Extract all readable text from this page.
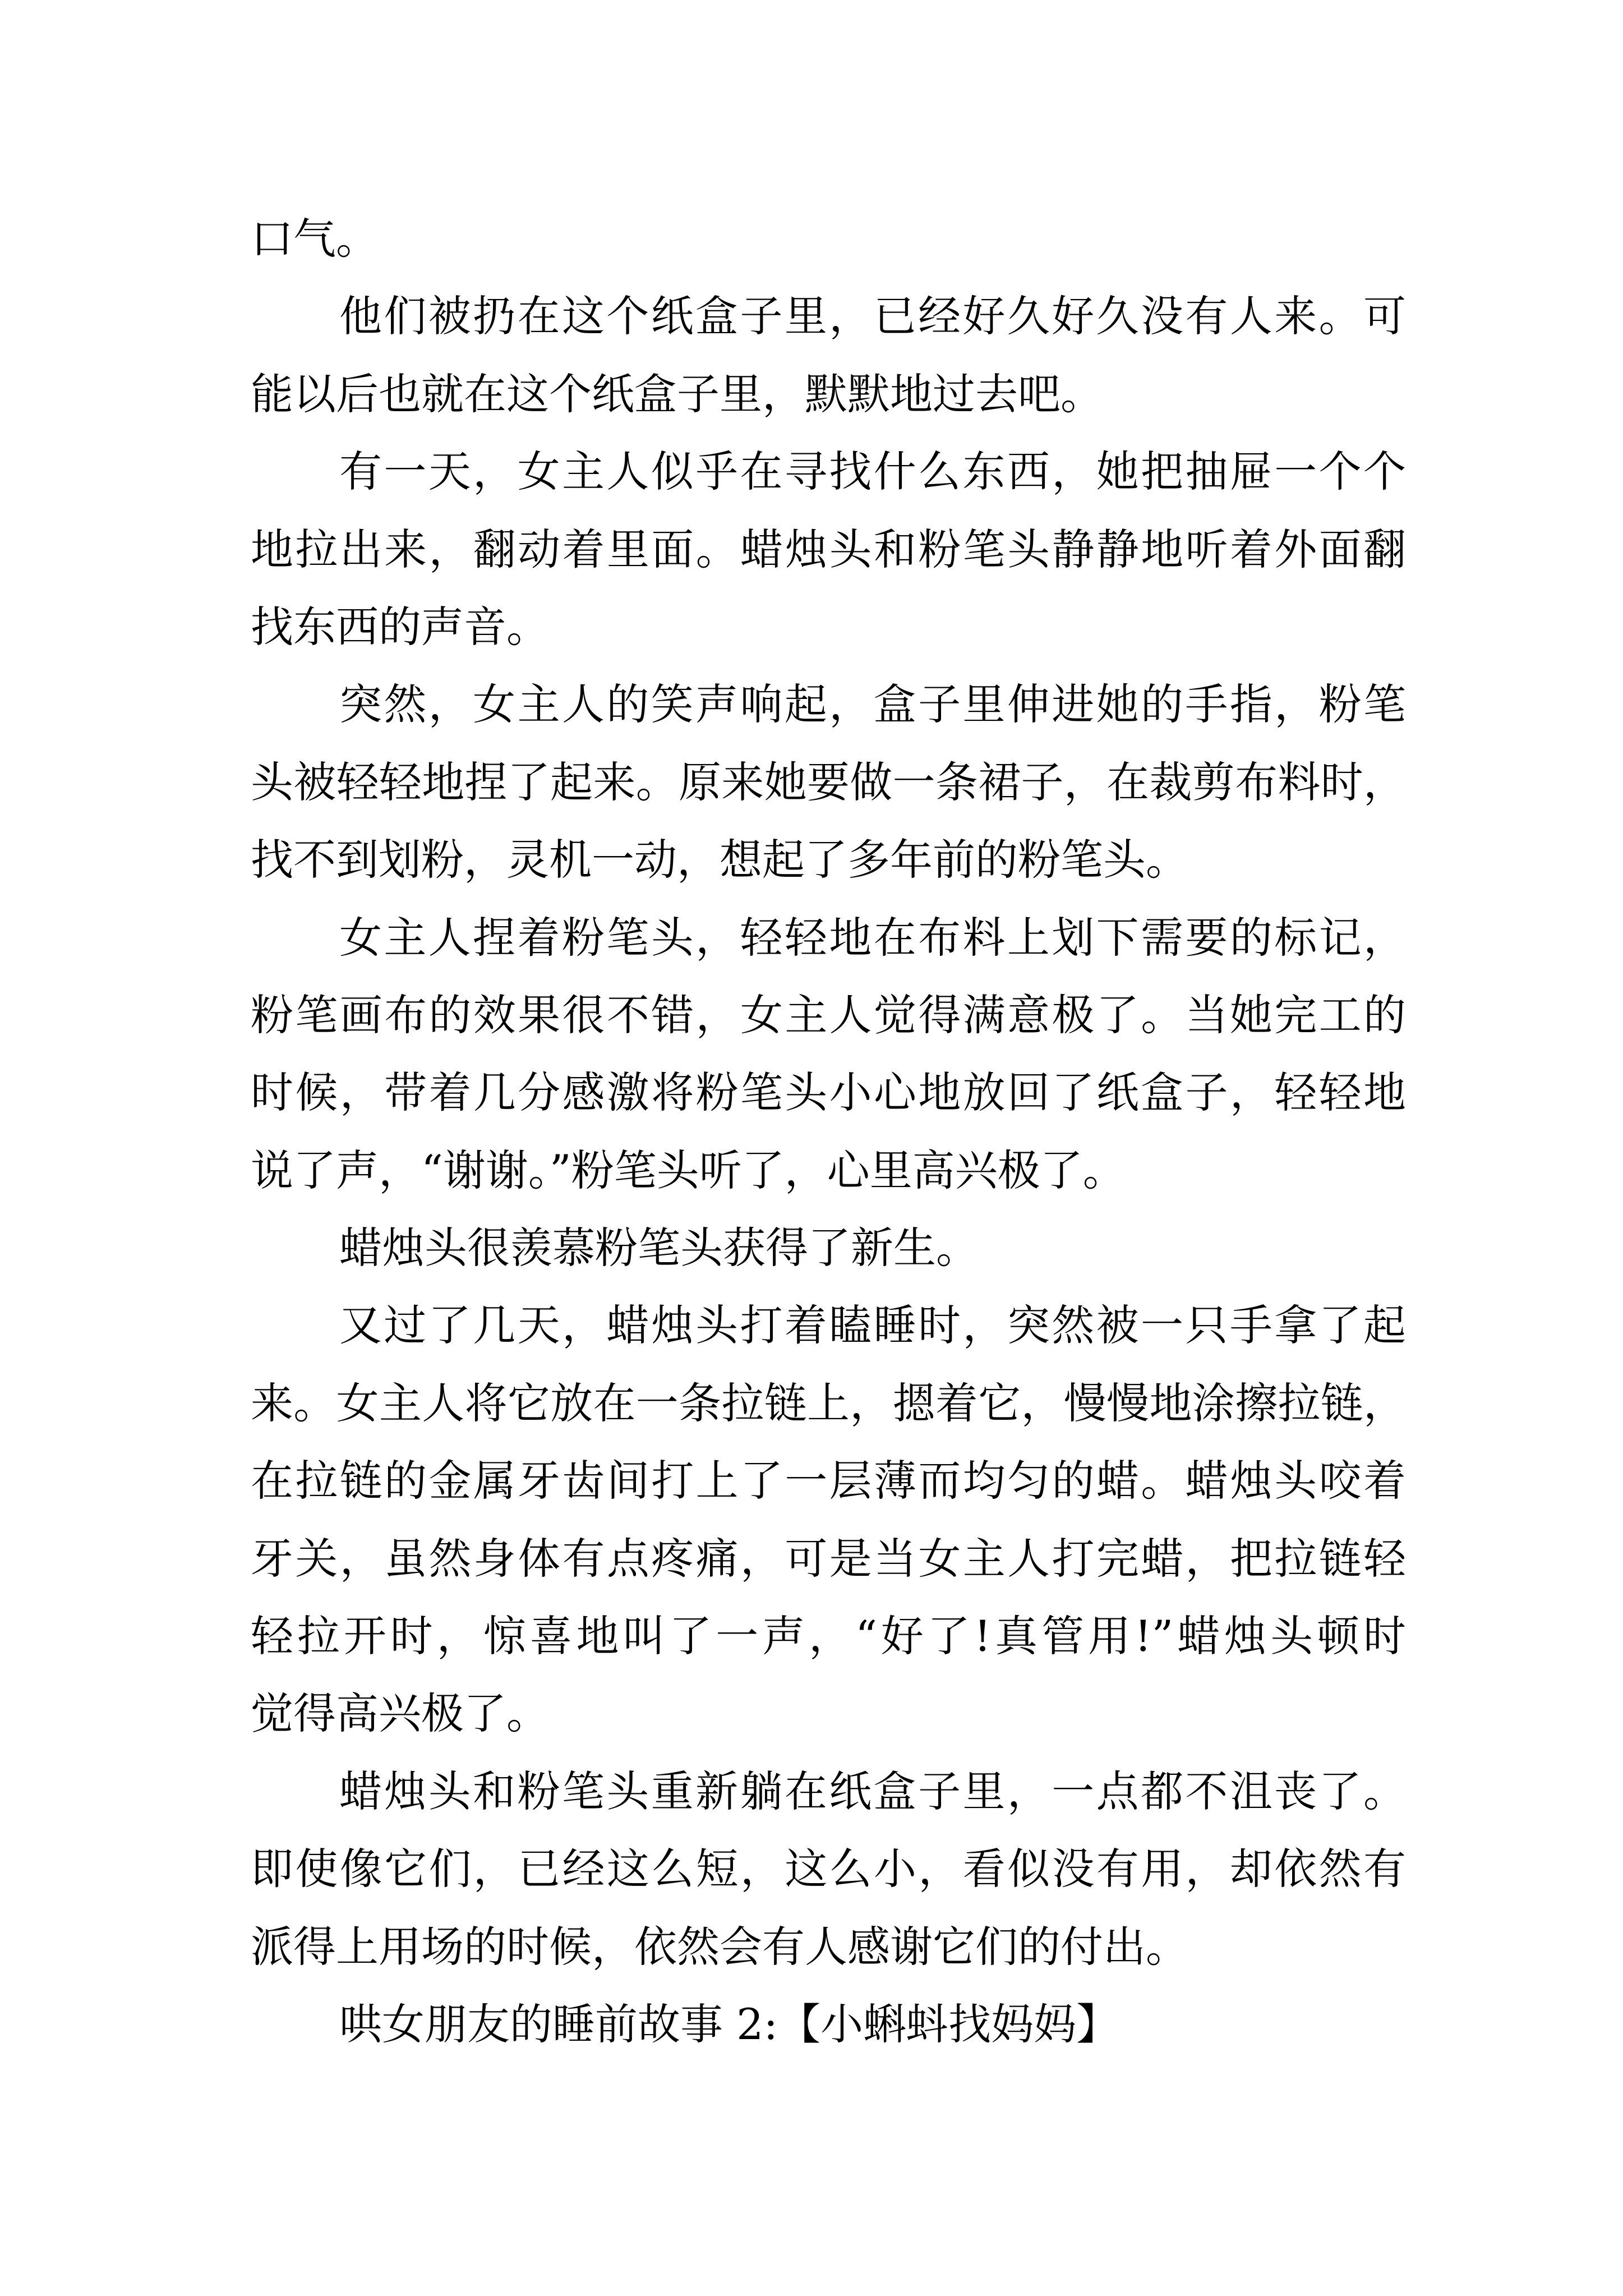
口气。
他们被扔在这个纸盒子里，已经好久好久没有人来。可
能以后也就在这个纸盒子里，默默地过去吧。
有一天，女主人似乎在寻找什么东西，她把抽屉一个个
地拉出来，翻动着里面。蜡烛头和粉笔头静静地听着外面翻
找东西的声音。
突然，女主人的笑声响起，盒子里伸进她的手指，粉笔
头被轻轻地捏了起来。原来她要做一条裙子，在裁剪布料时，
找不到划粉，灵机一动，想起了多年前的粉笔头。
女主人捏着粉笔头，轻轻地在布料上划下需要的标记，
粉笔画布的效果很不错，女主人觉得满意极了。当她完工的
时候，带着几分感激将粉笔头小心地放回了纸盒子，轻轻地
说了声，“谢谢。”粉笔头听了，心里高兴极了。
蜡烛头很羡慕粉笔头获得了新生。
又过了几天，蜡烛头打着瞌睡时，突然被一只手拿了起
来。女主人将它放在一条拉链上，摁着它，慢慢地涂擦拉链，
在拉链的金属牙齿间打上了一层薄而均匀的蜡。蜡烛头咬着
牙关，虽然身体有点疼痛，可是当女主人打完蜡，把拉链轻
轻拉开时，惊喜地叫了一声，“好了!真管用!”蜡烛头顿时
觉得高兴极了。
蜡烛头和粉笔头重新躺在纸盒子里，一点都不沮丧了。
即使像它们，已经这么短，这么小，看似没有用，却依然有
派得上用场的时候，依然会有人感谢它们的付出。
哄女朋友的睡前故事 2:【小蝌蚪找妈妈】
